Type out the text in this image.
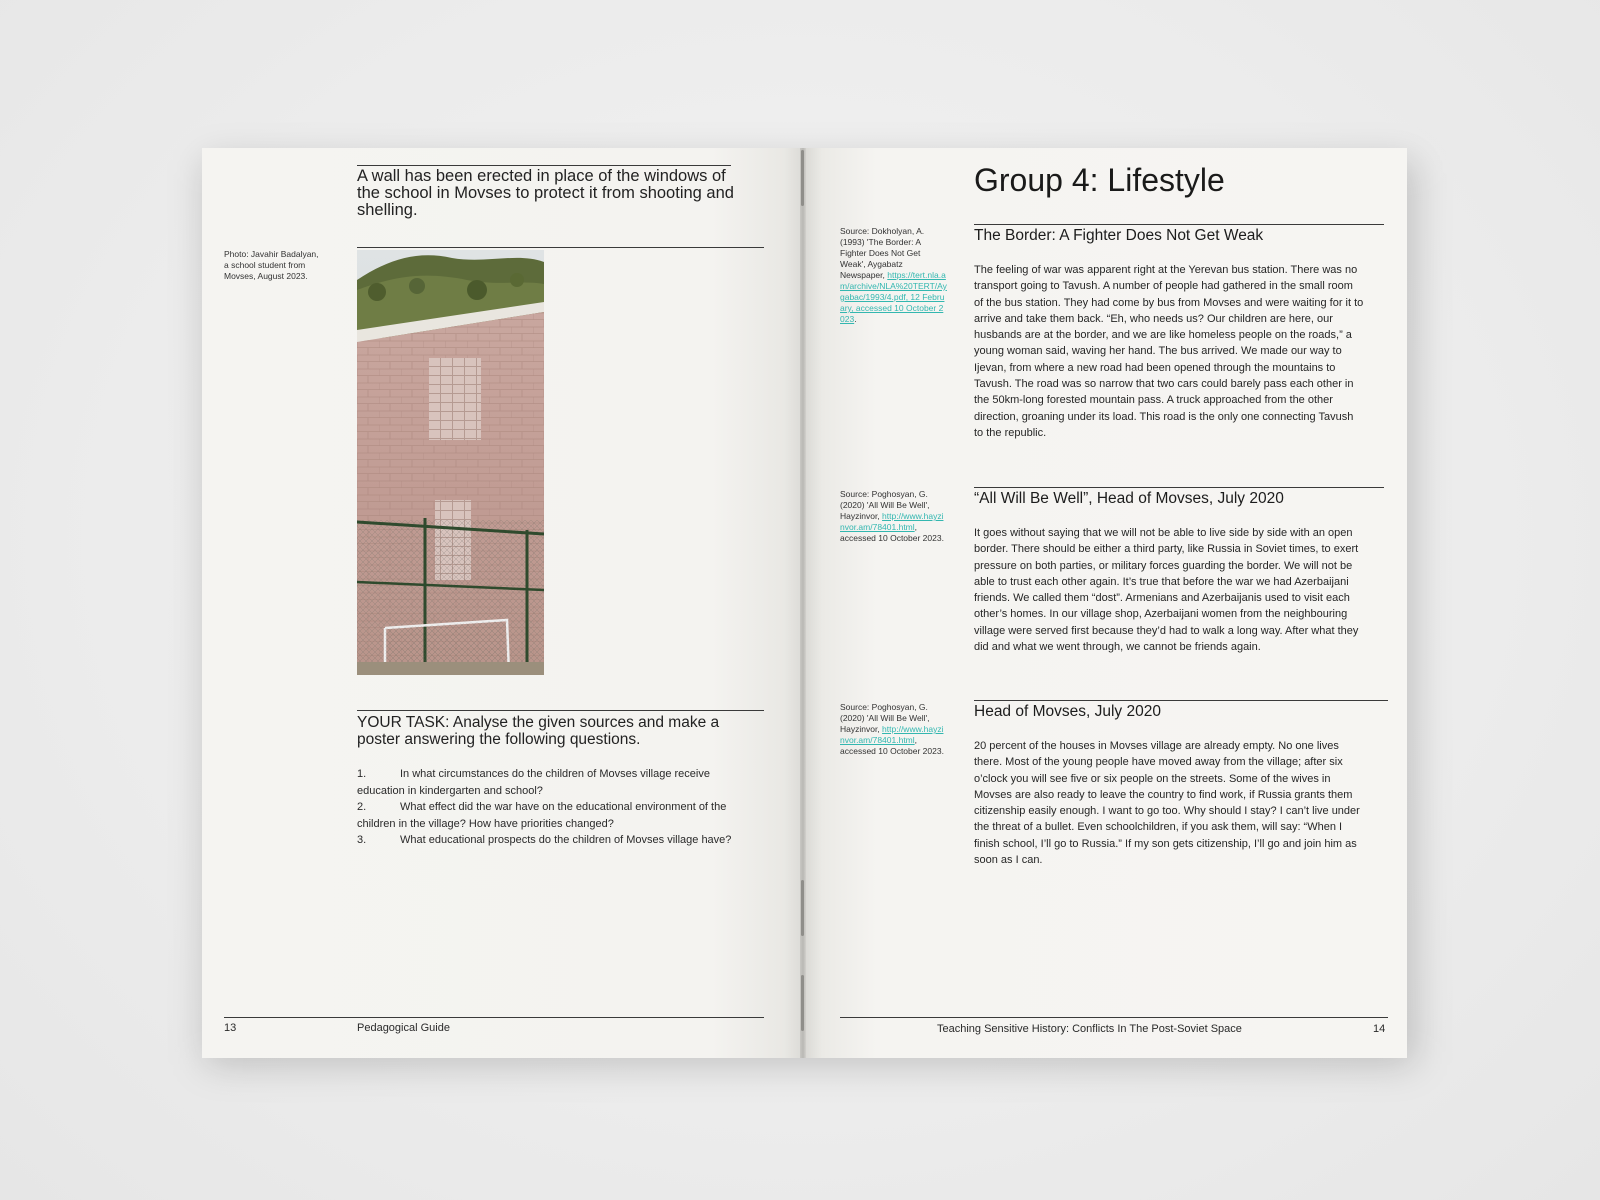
A wall has been erected in place of the windows of the school in Movses to protect it from shooting and shelling.
Photo: Javahir Badalyan, a school student from Movses, August 2023.
YOUR TASK: Analyse the given sources and make a poster answering the following questions.
1.	In what circumstances do the children of Movses village receive education in kindergarten and school?
2.	What effect did the war have on the educational environment of the children in the village? How have priorities changed?
3.	What educational prospects do the children of Movses village have?
13	Pedagogical Guide
Group 4: Lifestyle
The Border: A Fighter Does Not Get Weak
Source: Dokholyan, A. (1993) 'The Border: A Fighter Does Not Get Weak', Aygabatz Newspaper, https://tert.nla.am/archive/NLA%20TERT/Aygabac/1993/4.pdf, 12 February, accessed 10 October 2023.
The feeling of war was apparent right at the Yerevan bus station. There was no transport going to Tavush. A number of people had gathered in the small room of the bus station. They had come by bus from Movses and were waiting for it to arrive and take them back. “Eh, who needs us? Our children are here, our husbands are at the border, and we are like homeless people on the roads,” a young woman said, waving her hand. The bus arrived. We made our way to Ijevan, from where a new road had been opened through the mountains to Tavush. The road was so narrow that two cars could barely pass each other in the 50km-long forested mountain pass. A truck approached from the other direction, groaning under its load. This road is the only one connecting Tavush to the republic.
“All Will Be Well”, Head of Movses, July 2020
Source: Poghosyan, G. (2020) 'All Will Be Well', Hayzinvor, http://www.hayzinvor.am/78401.html, accessed 10 October 2023.	It goes without saying that we will not be able to live side by side with an open border. There should be either a third party, like Russia in Soviet times, to exert pressure on both parties, or military forces guarding the border. We will not be able to trust each other again. It’s true that before the war we had Azerbaijani friends. We called them “dost”. Armenians and Azerbaijanis used to visit each other’s homes. In our village shop, Azerbaijani women from the neighbouring village were served first because they’d had to walk a long way. After what they did and what we went through, we cannot be friends again.
Head of Movses, July 2020
Source: Poghosyan, G. (2020) 'All Will Be Well', Hayzinvor, http://www.hayzinvor.am/78401.html, accessed 10 October 2023.	20 percent of the houses in Movses village are already empty. No one lives there. Most of the young people have moved away from the village; after six o’clock you will see five or six people on the streets. Some of the wives in Movses are also ready to leave the country to find work, if Russia grants them citizenship easily enough. I want to go too. Why should I stay? I can’t live under the threat of a bullet. Even schoolchildren, if you ask them, will say: “When I finish school, I’ll go to Russia.” If my son gets citizenship, I’ll go and join him as soon as I can.
Teaching Sensitive History: Conflicts In The Post-Soviet Space	14
